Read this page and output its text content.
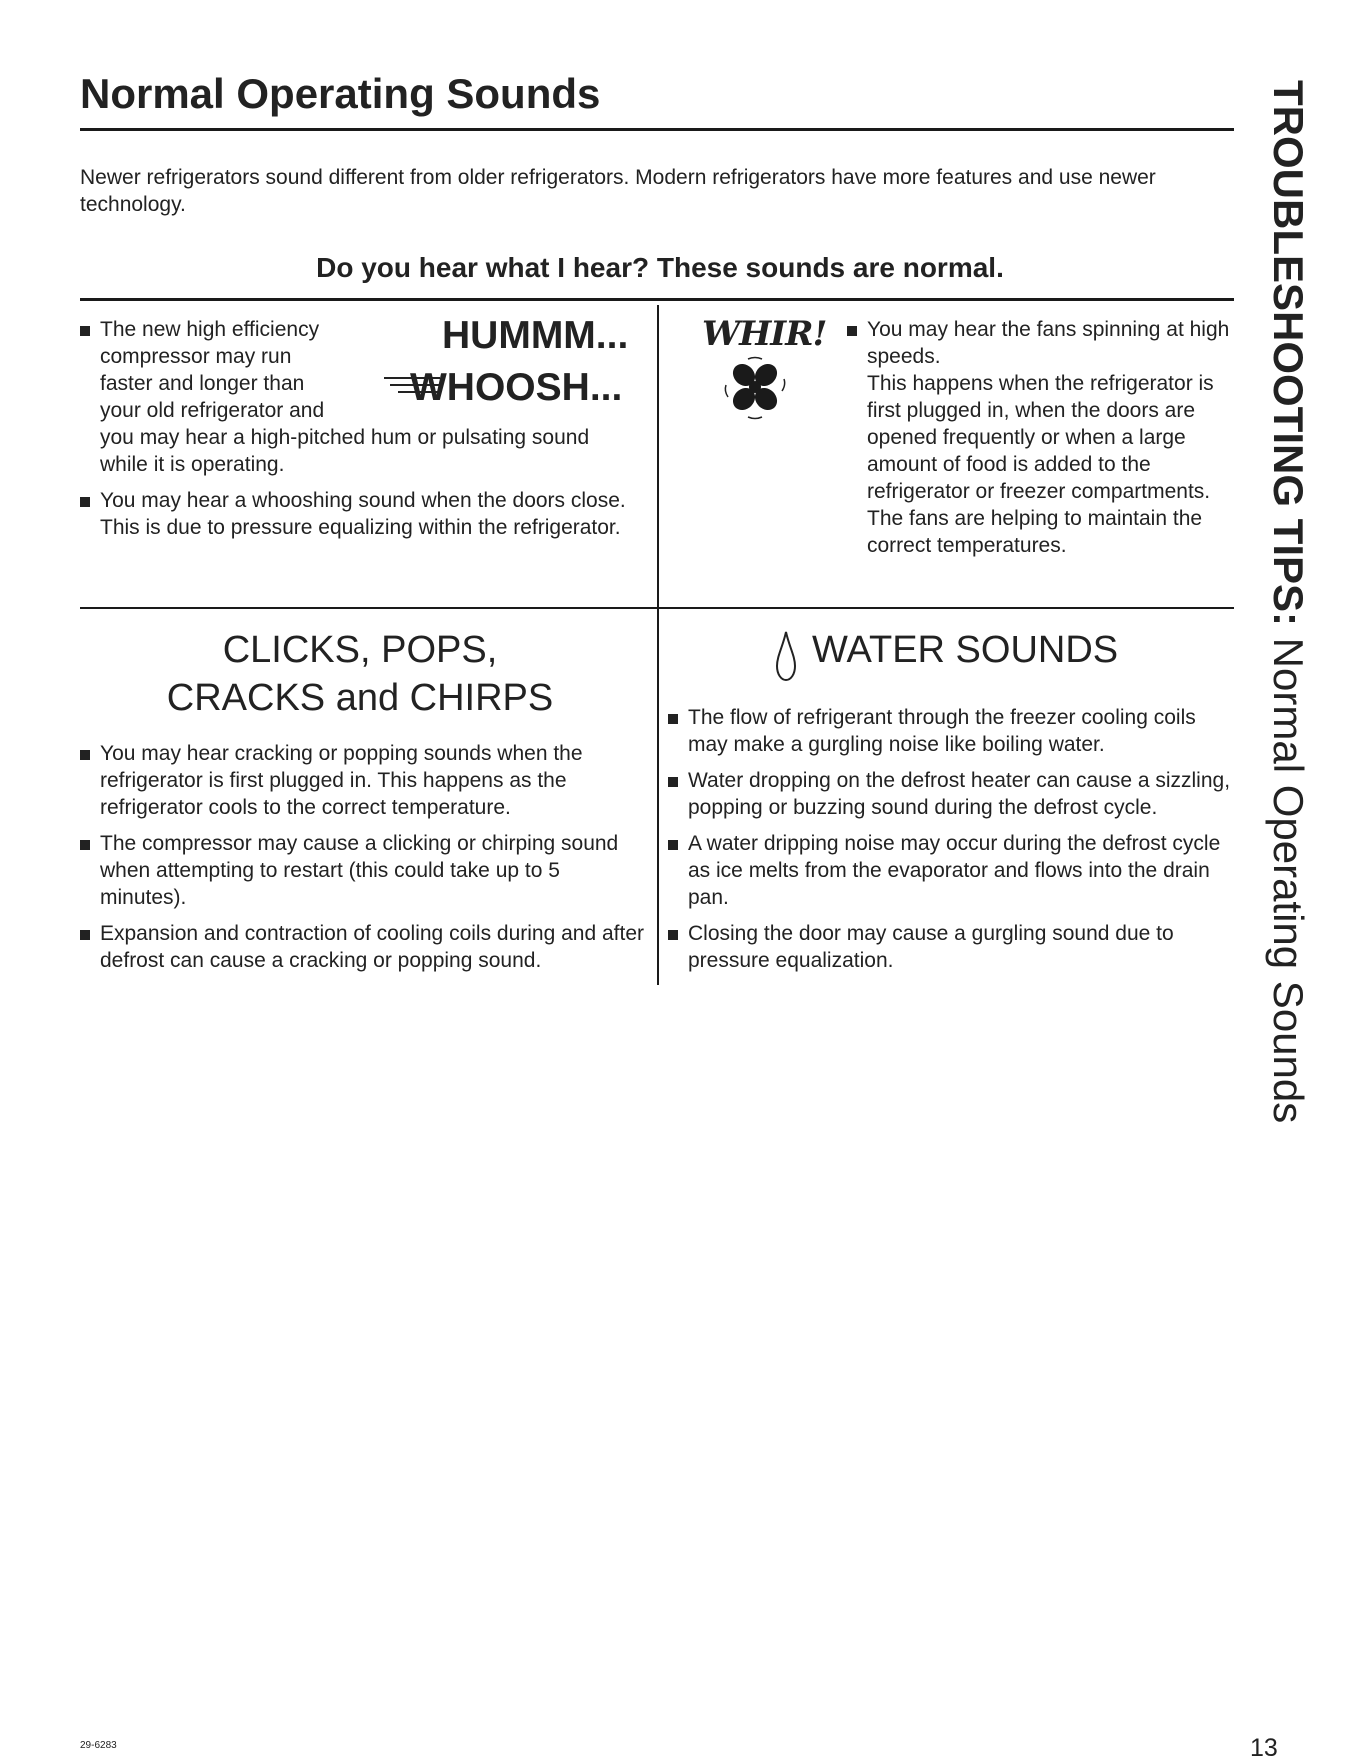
Normal Operating Sounds
Newer refrigerators sound different from older refrigerators. Modern refrigerators have more features and use newer technology.
Do you hear what I hear? These sounds are normal.
HUMMM...
WHOOSH...
The new high efficiency compressor may run faster and longer than your old refrigerator and you may hear a high-pitched hum or pulsating sound while it is operating.
You may hear a whooshing sound when the doors close. This is due to pressure equalizing within the refrigerator.
WHIR! You may hear the fans spinning at high speeds.
This happens when the refrigerator is first plugged in, when the doors are opened frequently or when a large amount of food is added to the refrigerator or freezer compartments. The fans are helping to maintain the correct temperatures.
CLICKS, POPS,
CRACKS and CHIRPS
You may hear cracking or popping sounds when the refrigerator is first plugged in. This happens as the refrigerator cools to the correct temperature.
The compressor may cause a clicking or chirping sound when attempting to restart (this could take up to 5 minutes).
Expansion and contraction of cooling coils during and after defrost can cause a cracking or popping sound.
WATER SOUNDS
The flow of refrigerant through the freezer cooling coils may make a gurgling noise like boiling water.
Water dropping on the defrost heater can cause a sizzling, popping or buzzing sound during the defrost cycle.
A water dripping noise may occur during the defrost cycle as ice melts from the evaporator and flows into the drain pan.
Closing the door may cause a gurgling sound due to pressure equalization.
TROUBLESHOOTING TIPS: Normal Operating Sounds
29-6283	13
